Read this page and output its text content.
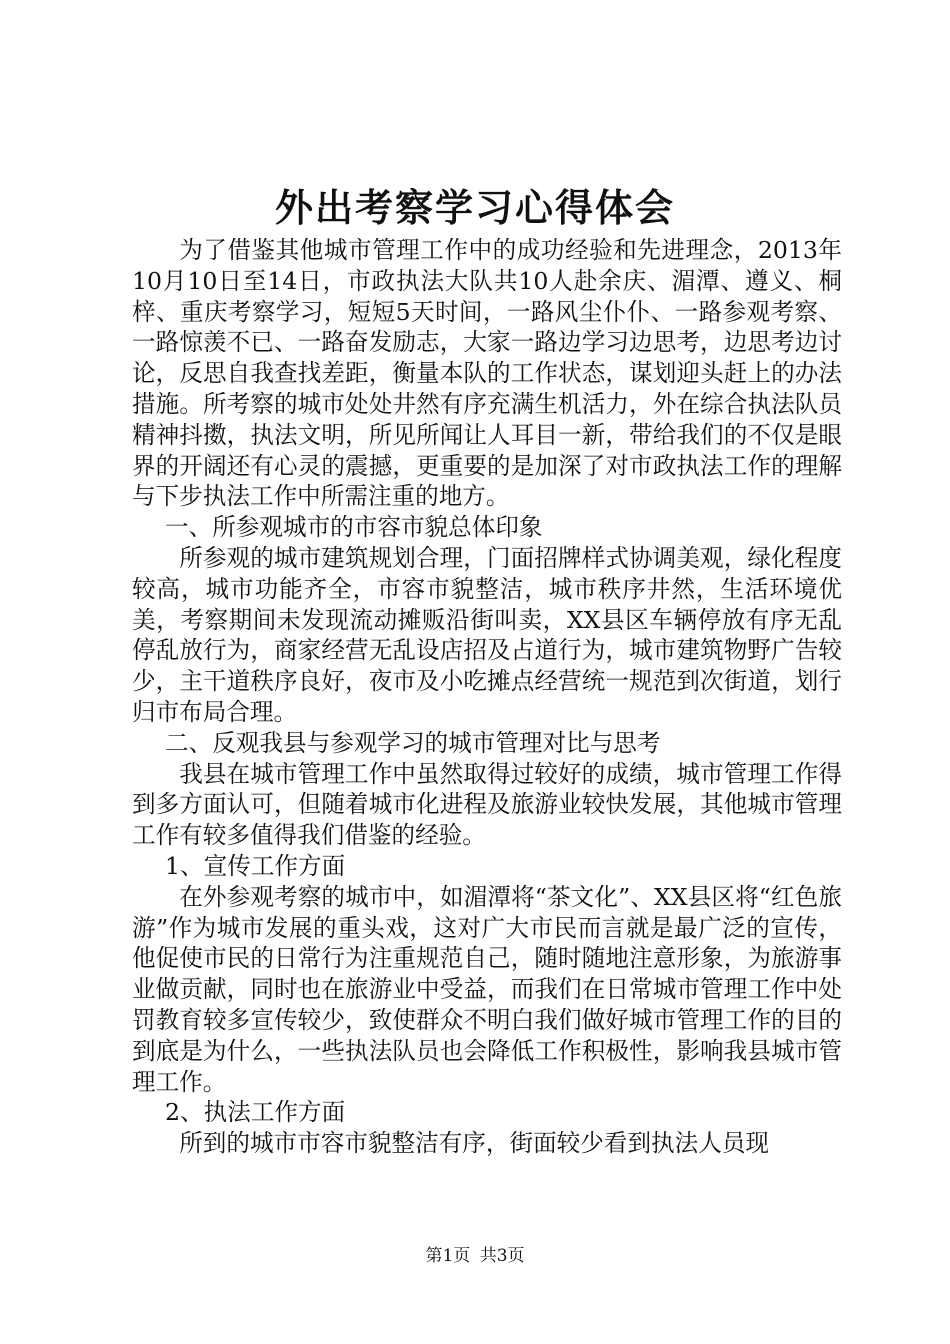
外出考察学习心得体会

为了借鉴其他城市管理工作中的成功经验和先进理念，2013年10月10日至14日，市政执法大队共10人赴余庆、湄潭、遵义、桐梓、重庆考察学习，短短5天时间，一路风尘仆仆、一路参观考察、一路惊羡不已、一路奋发励志，大家一路边学习边思考，边思考边讨论，反思自我查找差距，衡量本队的工作状态，谋划迎头赶上的办法措施。所考察的城市处处井然有序充满生机活力，外在综合执法队员精神抖擞，执法文明，所见所闻让人耳目一新，带给我们的不仅是眼界的开阔还有心灵的震撼，更重要的是加深了对市政执法工作的理解与下步执法工作中所需注重的地方。

一、所参观城市的市容市貌总体印象

所参观的城市建筑规划合理，门面招牌样式协调美观，绿化程度较高，城市功能齐全，市容市貌整洁，城市秩序井然，生活环境优美，考察期间未发现流动摊贩沿街叫卖，XX县区车辆停放有序无乱停乱放行为，商家经营无乱设店招及占道行为，城市建筑物野广告较少，主干道秩序良好，夜市及小吃摊点经营统一规范到次街道，划行归市布局合理。

二、反观我县与参观学习的城市管理对比与思考

我县在城市管理工作中虽然取得过较好的成绩，城市管理工作得到多方面认可，但随着城市化进程及旅游业较快发展，其他城市管理工作有较多值得我们借鉴的经验。

1、宣传工作方面

在外参观考察的城市中，如湄潭将“茶文化”、XX县区将“红色旅游”作为城市发展的重头戏，这对广大市民而言就是最广泛的宣传，他促使市民的日常行为注重规范自己，随时随地注意形象，为旅游事业做贡献，同时也在旅游业中受益，而我们在日常城市管理工作中处罚教育较多宣传较少，致使群众不明白我们做好城市管理工作的目的到底是为什么，一些执法队员也会降低工作积极性，影响我县城市管理工作。

2、执法工作方面

所到的城市市容市貌整洁有序，街面较少看到执法人员现

第1页 共3页
